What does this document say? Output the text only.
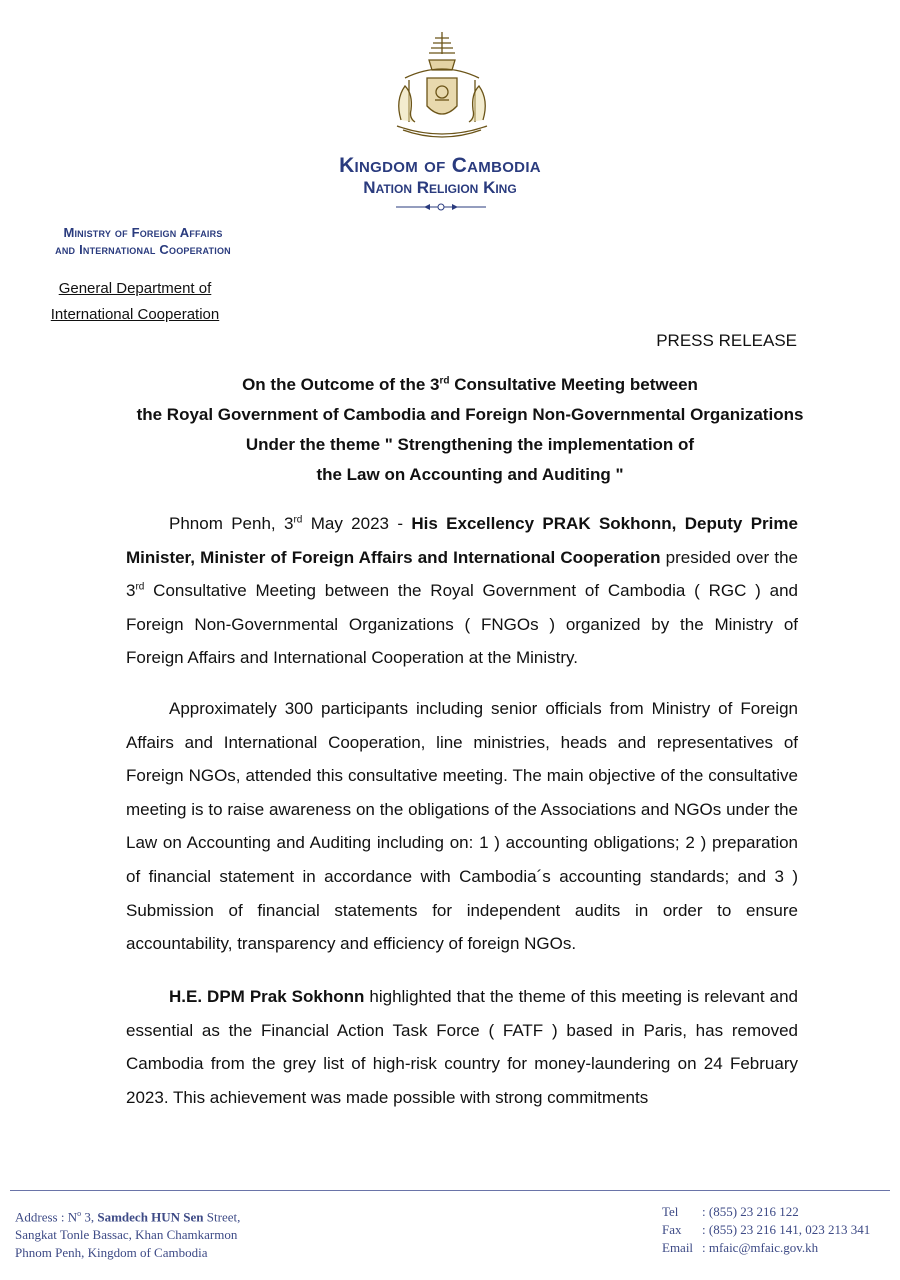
Kingdom of Cambodia
Nation Religion King
Ministry of Foreign Affairs
and International Cooperation
General Department of
International Cooperation
PRESS RELEASE
On the Outcome of the 3rd Consultative Meeting between
the Royal Government of Cambodia and Foreign Non-Governmental Organizations
Under the theme " Strengthening the implementation of
the Law on Accounting and Auditing "

Phnom Penh, 3rd May 2023 - His Excellency PRAK Sokhonn, Deputy Prime Minister, Minister of Foreign Affairs and International Cooperation presided over the 3rd Consultative Meeting between the Royal Government of Cambodia ( RGC ) and Foreign Non-Governmental Organizations ( FNGOs ) organized by the Ministry of Foreign Affairs and International Cooperation at the Ministry.

Approximately 300 participants including senior officials from Ministry of Foreign Affairs and International Cooperation, line ministries, heads and representatives of Foreign NGOs, attended this consultative meeting. The main objective of the consultative meeting is to raise awareness on the obligations of the Associations and NGOs under the Law on Accounting and Auditing including on: 1 ) accounting obligations; 2 ) preparation of financial statement in accordance with Cambodia´s accounting standards; and 3 ) Submission of financial statements for independent audits in order to ensure accountability, transparency and efficiency of foreign NGOs.

H.E. DPM Prak Sokhonn highlighted that the theme of this meeting is relevant and essential as the Financial Action Task Force ( FATF ) based in Paris, has removed Cambodia from the grey list of high-risk country for money-laundering on 24 February 2023. This achievement was made possible with strong commitments

Address : $N^o$ 3, Samdech HUN Sen Street,
Sangkat Tonle Bassac, Khan Chamkarmon
Phnom Penh, Kingdom of Cambodia
Tel	: (855) 23 216 122
Fax	: (855) 23 216 141, 023 213 341
Email : mfaic@mfaic.gov.kh
